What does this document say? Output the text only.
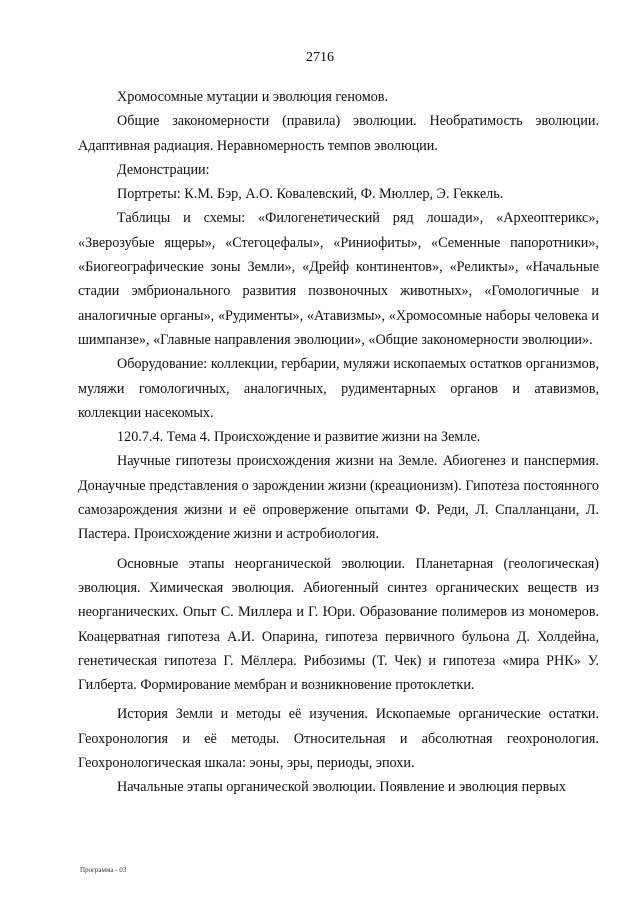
2716

Хромосомные мутации и эволюция геномов.

Общие закономерности (правила) эволюции. Необратимость эволюции. Адаптивная радиация. Неравномерность темпов эволюции.

Демонстрации:

Портреты: К.М. Бэр, А.О. Ковалевский, Ф. Мюллер, Э. Геккель.

Таблицы и схемы: «Филогенетический ряд лошади», «Археоптерикс», «Зверозубые ящеры», «Стегоцефалы», «Риниофиты», «Семенные папоротники», «Биогеографические зоны Земли», «Дрейф континентов», «Реликты», «Начальные стадии эмбрионального развития позвоночных животных», «Гомологичные и аналогичные органы», «Рудименты», «Атавизмы», «Хромосомные наборы человека и шимпанзе», «Главные направления эволюции», «Общие закономерности эволюции».

Оборудование: коллекции, гербарии, муляжи ископаемых остатков организмов, муляжи гомологичных, аналогичных, рудиментарных органов и атавизмов, коллекции насекомых.

120.7.4. Тема 4. Происхождение и развитие жизни на Земле.

Научные гипотезы происхождения жизни на Земле. Абиогенез и панспермия. Донаучные представления о зарождении жизни (креационизм). Гипотеза постоянного самозарождения жизни и её опровержение опытами Ф. Реди, Л. Спалланцани, Л. Пастера. Происхождение жизни и астробиология.

Основные этапы неорганической эволюции. Планетарная (геологическая) эволюция. Химическая эволюция. Абиогенный синтез органических веществ из неорганических. Опыт С. Миллера и Г. Юри. Образование полимеров из мономеров. Коацерватная гипотеза А.И. Опарина, гипотеза первичного бульона Д. Холдейна, генетическая гипотеза Г. Мёллера. Рибозимы (Т. Чек) и гипотеза «мира РНК» У. Гилберта. Формирование мембран и возникновение протоклетки.

История Земли и методы её изучения. Ископаемые органические остатки. Геохронология и её методы. Относительная и абсолютная геохронология. Геохронологическая шкала: эоны, эры, периоды, эпохи.

Начальные этапы органической эволюции. Появление и эволюция первых

Программа - 03
